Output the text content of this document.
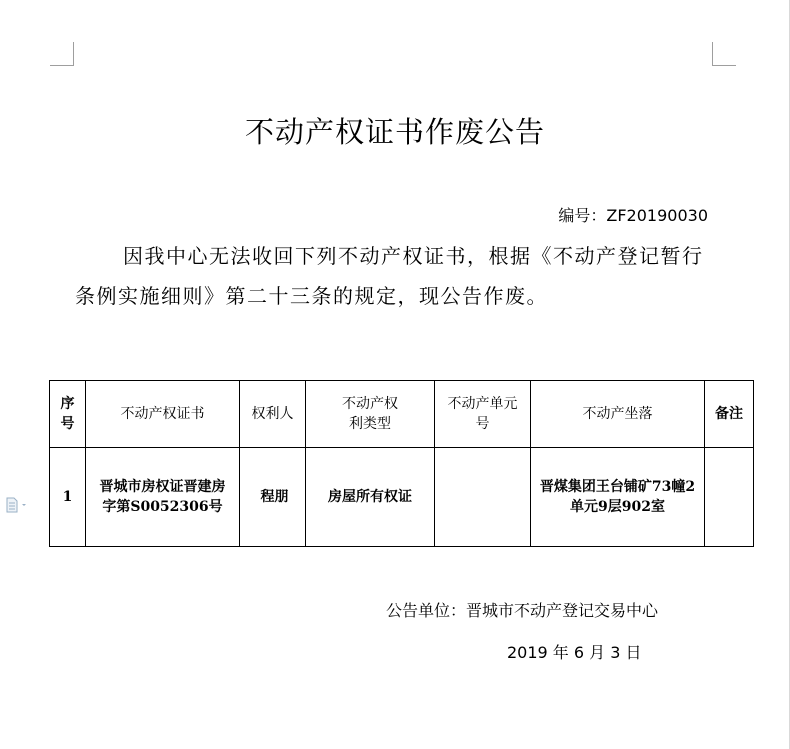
不动产权证书作废公告
编号：ZF20190030
因我中心无法收回下列不动产权证书，根据《不动产登记暂行条例实施细则》第二十三条的规定，现公告作废。
序号	不动产权证书	权利人	不动产权利类型	不动产单元号	不动产坐落	备注
1	晋城市房权证晋建房字第S0052306号	程朋	房屋所有权证		晋煤集团王台铺矿73幢2单元9层902室	
公告单位：晋城市不动产登记交易中心
2019 年 6 月 3 日
